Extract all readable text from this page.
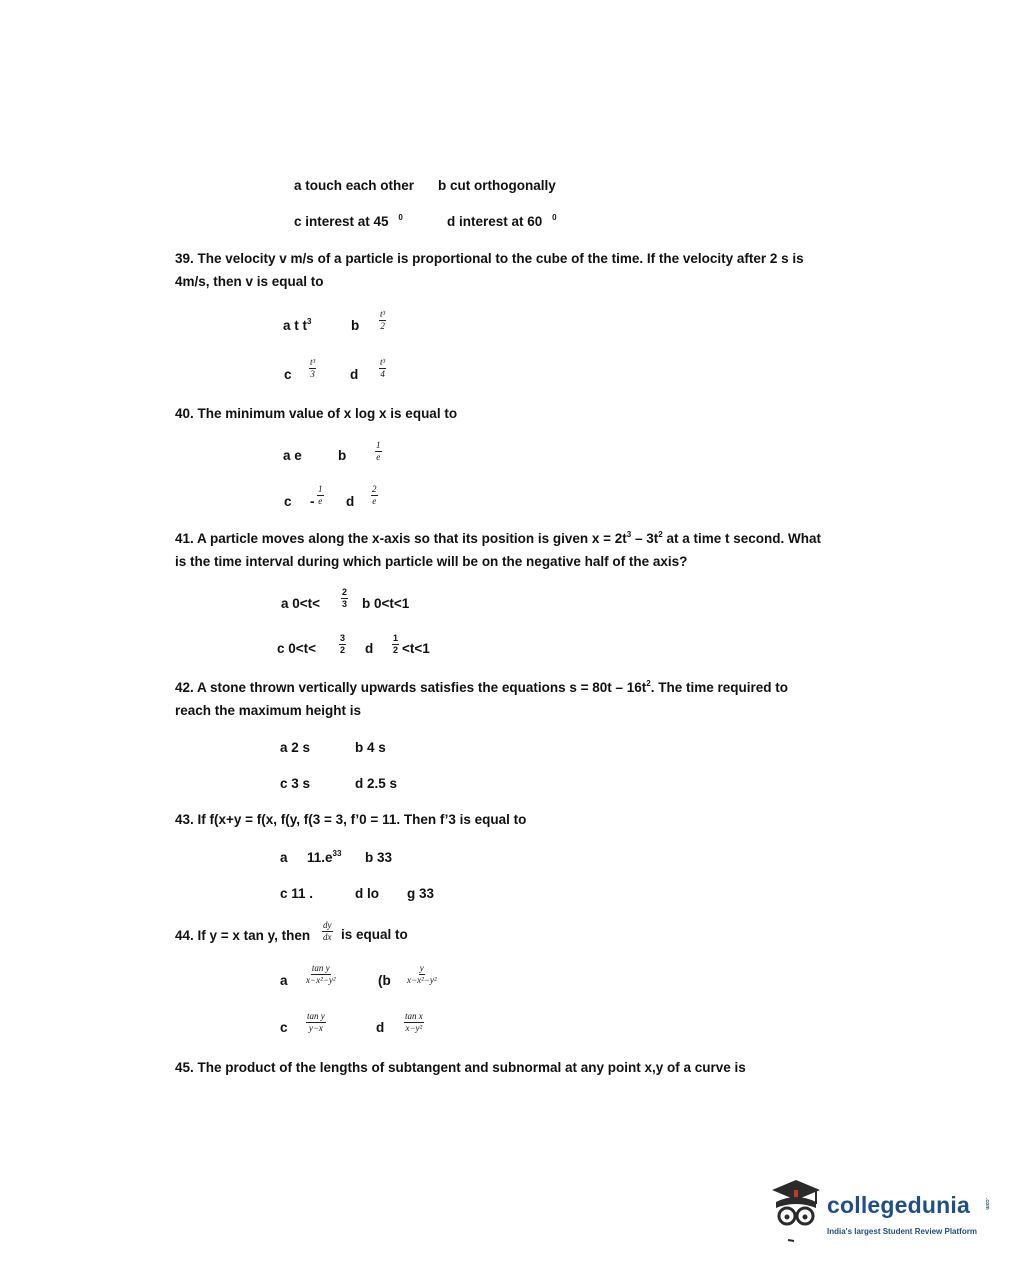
a touch each other b cut orthogonally
c interest at 45 $^0$	d interest at 60 $^0$
39. The velocity v m/s of a particle is proportional to the cube of the time. If the velocity after 2 s is
4m/s, then v is equal to
a t $t^3$	b $\frac{\text{t³}}{2}$
c $\frac{\text{t³}}{3}$	d $\frac{\text{t³}}{4}$
40. The minimum value of x log x is equal to
a e	b	$\frac{1}{e}$
c - $\frac{1}{e}$ d $\frac{2}{e}$
41. A particle moves along the x-axis so that its position is given $x = 2t^3 - 3t^2$ at a time t second. What
is the time interval during which particle will be on the negative half of the axis?
a $0<t< \frac{2}{3}$ b 0<t<1
c 0<t<	$\frac{3}{2}$ d $\frac{1}{2} <t<1$
42. A stone thrown vertically upwards satisfies the equations $s = 80t - 16t^2$. The time required to
reach the maximum height is
a 2 s	b 4 s
c 3 s	d 2.5 s
43. If f(x+y = f(x, f(y, f(3 = 3, f’0 = 11. Then f’3 is equal to
a $11.e^{33}$ b 33
c 11 .	d lo g 33
44. If y = x tan y, then $\frac{dy}{dx}$ is equal to
a $\frac{\text{tan y}}{\text{x−x²−y²}}$	($b \frac{y}{\text{x−x²−y²}}$
c $\frac{\text{tan y}}{y-x}$	d $\frac{\text{tan x}}{\text{x−y²}}$
45. The product of the lengths of subtangent and subnormal at any point x,y of a curve is
collegedunia	.com
India's largest Student Review Platform
